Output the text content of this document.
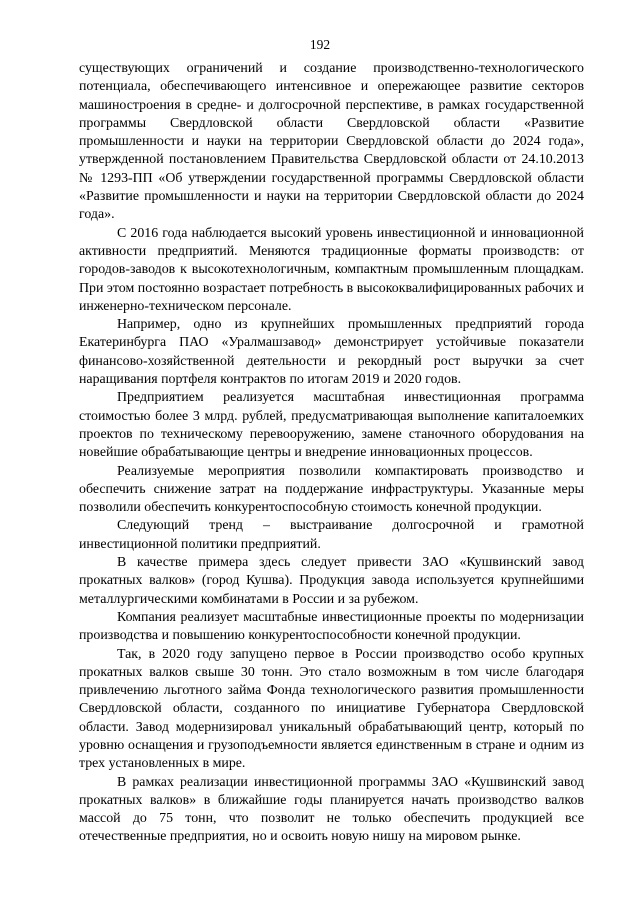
192

существующих ограничений и создание производственно-технологического потенциала, обеспечивающего интенсивное и опережающее развитие секторов машиностроения в средне- и долгосрочной перспективе, в рамках государственной программы Свердловской области Свердловской области «Развитие промышленности и науки на территории Свердловской области до 2024 года», утвержденной постановлением Правительства Свердловской области от 24.10.2013 № 1293-ПП «Об утверждении государственной программы Свердловской области «Развитие промышленности и науки на территории Свердловской области до 2024 года».

С 2016 года наблюдается высокий уровень инвестиционной и инновационной активности предприятий. Меняются традиционные форматы производств: от городов-заводов к высокотехнологичным, компактным промышленным площадкам. При этом постоянно возрастает потребность в высококвалифицированных рабочих и инженерно-техническом персонале.

Например, одно из крупнейших промышленных предприятий города Екатеринбурга ПАО «Уралмашзавод» демонстрирует устойчивые показатели финансово-хозяйственной деятельности и рекордный рост выручки за счет наращивания портфеля контрактов по итогам 2019 и 2020 годов.

Предприятием реализуется масштабная инвестиционная программа стоимостью более 3 млрд. рублей, предусматривающая выполнение капиталоемких проектов по техническому перевооружению, замене станочного оборудования на новейшие обрабатывающие центры и внедрение инновационных процессов.

Реализуемые мероприятия позволили компактировать производство и обеспечить снижение затрат на поддержание инфраструктуры. Указанные меры позволили обеспечить конкурентоспособную стоимость конечной продукции.

Следующий тренд – выстраивание долгосрочной и грамотной инвестиционной политики предприятий.

В качестве примера здесь следует привести ЗАО «Кушвинский завод прокатных валков» (город Кушва). Продукция завода используется крупнейшими металлургическими комбинатами в России и за рубежом.

Компания реализует масштабные инвестиционные проекты по модернизации производства и повышению конкурентоспособности конечной продукции.

Так, в 2020 году запущено первое в России производство особо крупных прокатных валков свыше 30 тонн. Это стало возможным в том числе благодаря привлечению льготного займа Фонда технологического развития промышленности Свердловской области, созданного по инициативе Губернатора Свердловской области. Завод модернизировал уникальный обрабатывающий центр, который по уровню оснащения и грузоподъемности является единственным в стране и одним из трех установленных в мире.

В рамках реализации инвестиционной программы ЗАО «Кушвинский завод прокатных валков» в ближайшие годы планируется начать производство валков массой до 75 тонн, что позволит не только обеспечить продукцией все отечественные предприятия, но и освоить новую нишу на мировом рынке.
